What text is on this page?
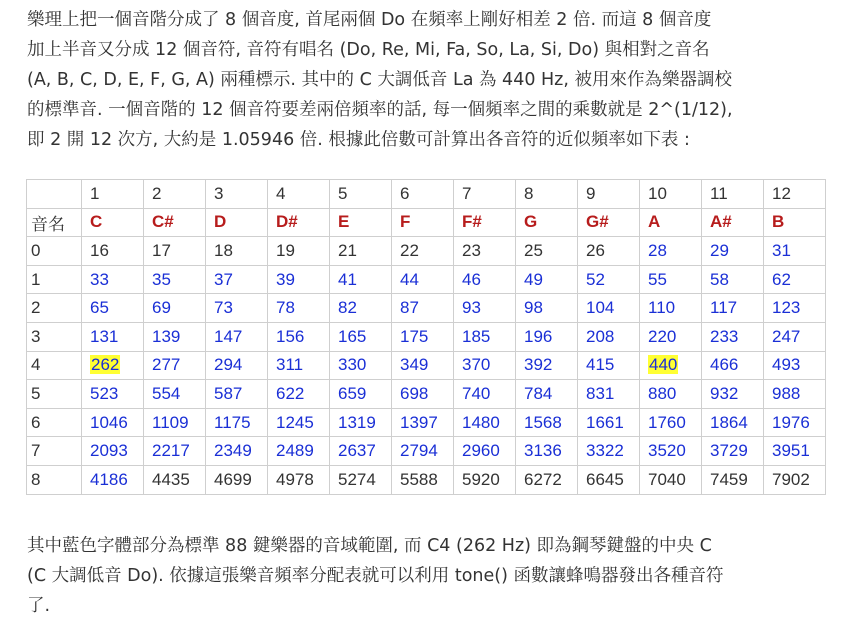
樂理上把一個音階分成了 8 個音度, 首尾兩個 Do 在頻率上剛好相差 2 倍. 而這 8 個音度
加上半音又分成 12 個音符, 音符有唱名 (Do, Re, Mi, Fa, So, La, Si, Do) 與相對之音名
(A, B, C, D, E, F, G, A) 兩種標示. 其中的 C 大調低音 La 為 440 Hz, 被用來作為樂器調校
的標準音. 一個音階的 12 個音符要差兩倍頻率的話, 每一個頻率之間的乘數就是 2^(1/12),
即 2 開 12 次方, 大約是 1.05946 倍. 根據此倍數可計算出各音符的近似頻率如下表 :
	1	2	3	4	5	6	7	8	9	10	11	12
音名	C	C#	D	D#	E	F	F#	G	G#	A	A#	B
0	16	17	18	19	21	22	23	25	26	28	29	31
1	33	35	37	39	41	44	46	49	52	55	58	62
2	65	69	73	78	82	87	93	98	104	110	117	123
3	131	139	147	156	165	175	185	196	208	220	233	247
4	262	277	294	311	330	349	370	392	415	440	466	493
5	523	554	587	622	659	698	740	784	831	880	932	988
6	1046	1109	1175	1245	1319	1397	1480	1568	1661	1760	1864	1976
7	2093	2217	2349	2489	2637	2794	2960	3136	3322	3520	3729	3951
8	4186	4435	4699	4978	5274	5588	5920	6272	6645	7040	7459	7902
其中藍色字體部分為標準 88 鍵樂器的音域範圍, 而 C4 (262 Hz) 即為鋼琴鍵盤的中央 C
(C 大調低音 Do). 依據這張樂音頻率分配表就可以利用 tone() 函數讓蜂鳴器發出各種音符
了.
